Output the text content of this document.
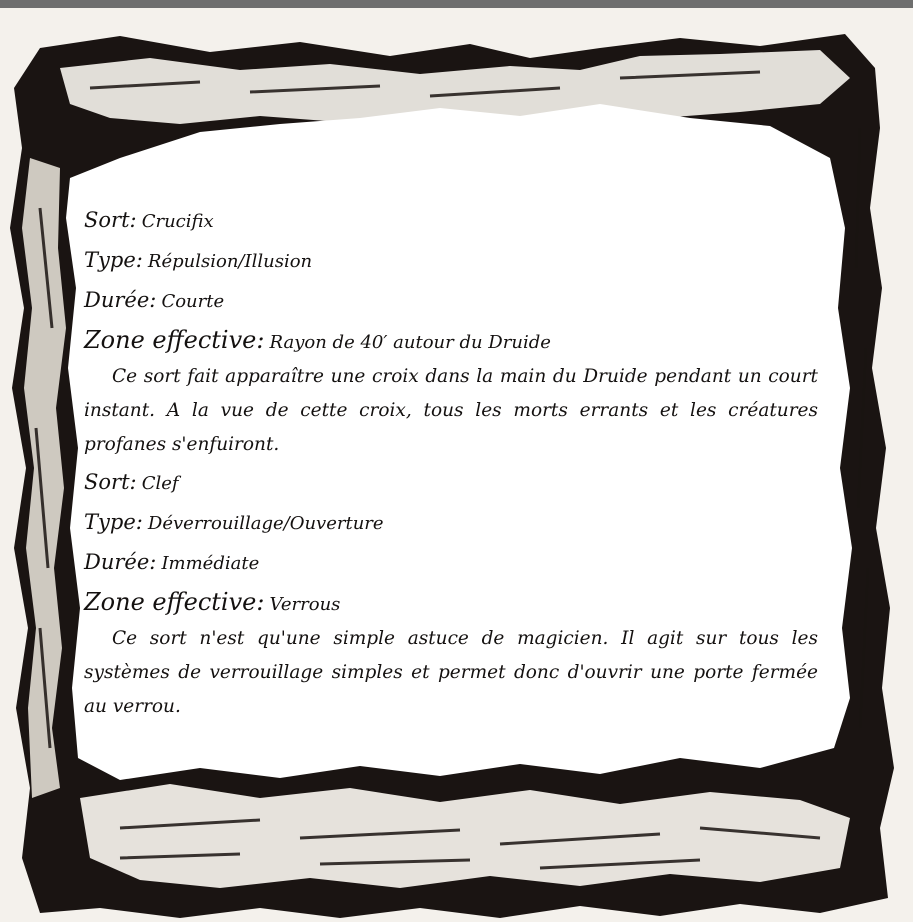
Sort: Crucifix

Type: Répulsion/Illusion

Durée: Courte

Zone effective: Rayon de 40′ autour du Druide

Ce sort fait apparaître une croix dans la main du Druide pendant un court instant. A la vue de cette croix, tous les morts errants et les créatures profanes s'enfuiront.

Sort: Clef

Type: Déverrouillage/Ouverture

Durée: Immédiate

Zone effective: Verrous

Ce sort n'est qu'une simple astuce de magicien. Il agit sur tous les systèmes de verrouillage simples et permet donc d'ouvrir une porte fermée au verrou.
